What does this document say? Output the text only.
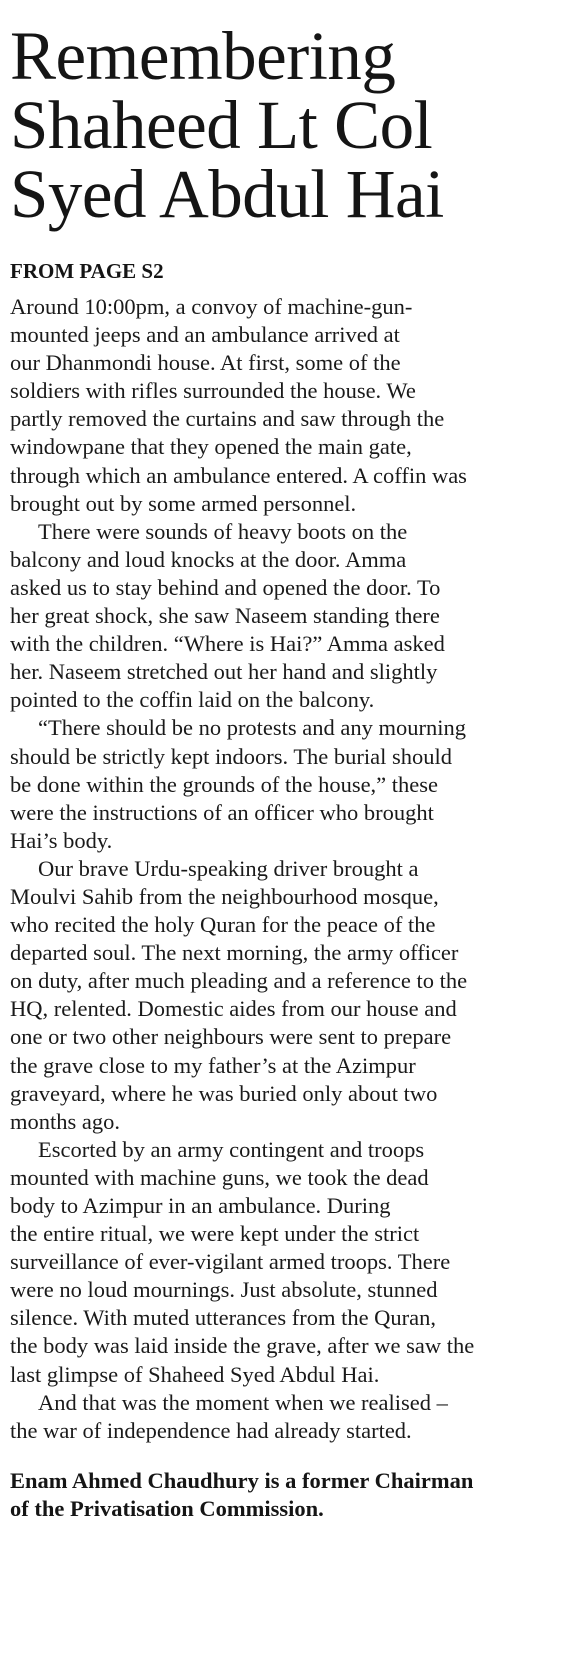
Remembering
Shaheed Lt Col
Syed Abdul Hai
FROM PAGE S2

Around 10:00pm, a convoy of machine-gun-
mounted jeeps and an ambulance arrived at
our Dhanmondi house. At first, some of the
soldiers with rifles surrounded the house. We
partly removed the curtains and saw through the
windowpane that they opened the main gate,
through which an ambulance entered. A coffin was
brought out by some armed personnel.

There were sounds of heavy boots on the
balcony and loud knocks at the door. Amma
asked us to stay behind and opened the door. To
her great shock, she saw Naseem standing there
with the children. “Where is Hai?” Amma asked
her. Naseem stretched out her hand and slightly
pointed to the coffin laid on the balcony.

“There should be no protests and any mourning
should be strictly kept indoors. The burial should
be done within the grounds of the house,” these
were the instructions of an officer who brought
Hai’s body.

Our brave Urdu-speaking driver brought a
Moulvi Sahib from the neighbourhood mosque,
who recited the holy Quran for the peace of the
departed soul. The next morning, the army officer
on duty, after much pleading and a reference to the
HQ, relented. Domestic aides from our house and
one or two other neighbours were sent to prepare
the grave close to my father’s at the Azimpur
graveyard, where he was buried only about two
months ago.

Escorted by an army contingent and troops
mounted with machine guns, we took the dead
body to Azimpur in an ambulance. During
the entire ritual, we were kept under the strict
surveillance of ever-vigilant armed troops. There
were no loud mournings. Just absolute, stunned
silence. With muted utterances from the Quran,
the body was laid inside the grave, after we saw the
last glimpse of Shaheed Syed Abdul Hai.

And that was the moment when we realised –
the war of independence had already started.

Enam Ahmed Chaudhury is a former Chairman
of the Privatisation Commission.
